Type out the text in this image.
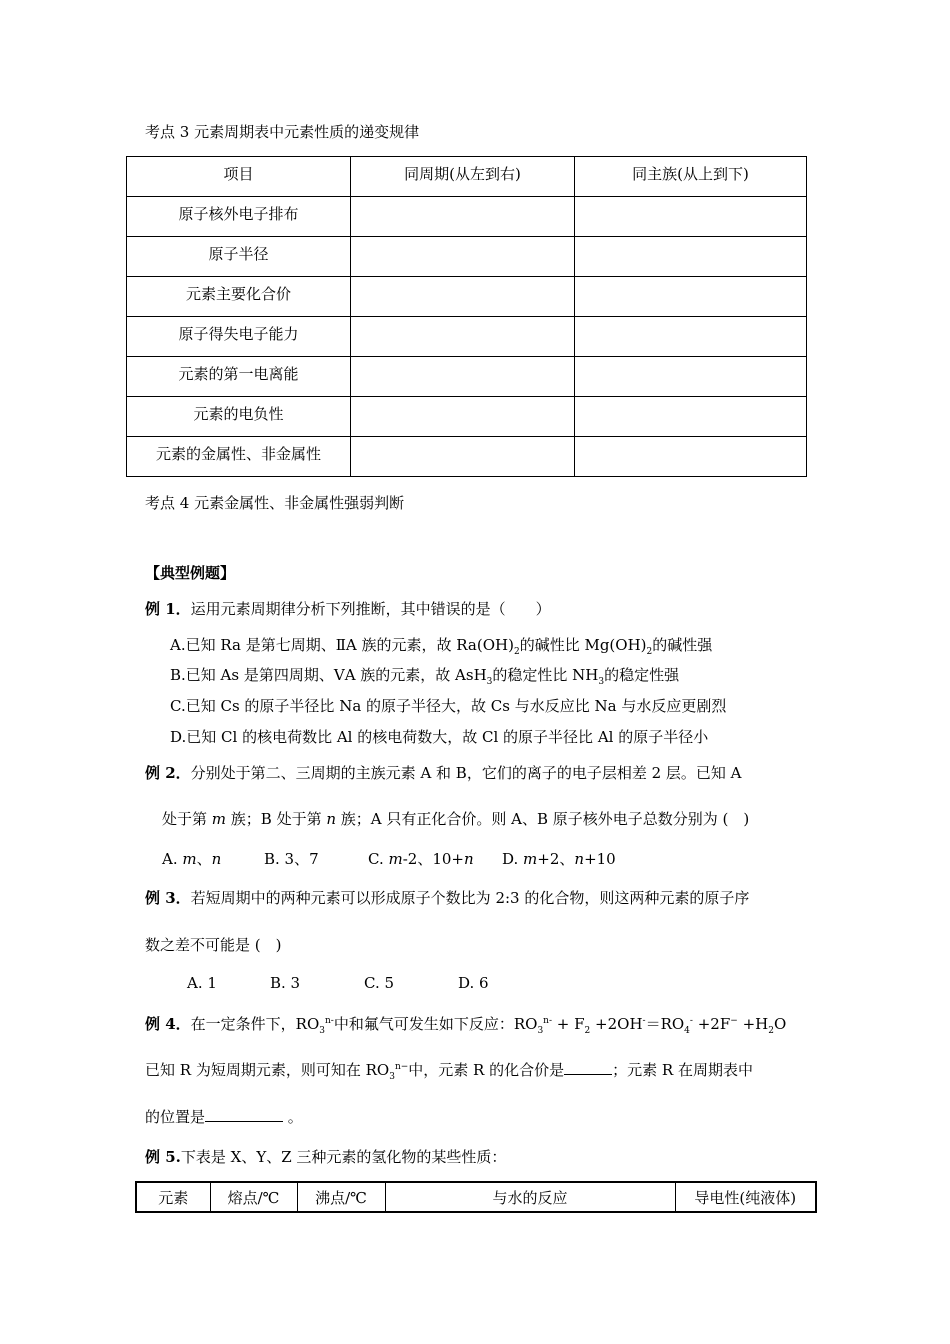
考点 3 元素周期表中元素性质的递变规律
项目	同周期(从左到右)	同主族(从上到下)
原子核外电子排布		
原子半径		
元素主要化合价		
原子得失电子能力		
元素的第一电离能		
元素的电负性		
元素的金属性、非金属性		
考点 4 元素金属性、非金属性强弱判断
【典型例题】
例 1．运用元素周期律分析下列推断，其中错误的是（　　）
A.已知 Ra 是第七周期、ⅡA 族的元素，故 $Ra(OH)_2$的碱性比 $Mg(OH)_2$的碱性强
B.已知 As 是第四周期、ⅤA 族的元素，故 AsH$_3$的稳定性比 $NH_3$的稳定性强
C.已知 Cs 的原子半径比 Na 的原子半径大，故 Cs 与水反应比 Na 与水反应更剧烈
D.已知 Cl 的核电荷数比 Al 的核电荷数大，故 Cl 的原子半径比 Al 的原子半径小
例 2．分别处于第二、三周期的主族元素 A 和 B，它们的离子的电子层相差 2 层。已知 A
处于第 m 族；B 处于第 n 族；A 只有正化合价。则 A、B 原子核外电子总数分别为 (　)
A. m、n	B. 3、7	C. m-2、10+n D. m+2、n+10
例 3．若短周期中的两种元素可以形成原子个数比为 2:3 的化合物，则这两种元素的原子序
数之差不可能是 (　)
A. 1	B. 3	C. 5	D. 6
例 4．在一定条件下，$RO_3^{n-}$中和氟气可发生如下反应：$RO_3^{n-} + F_2 +2OH^-=RO_4^- +2F^- +H_2O$
已知 R 为短周期元素，则可知在 $RO_3^{n-}$中，元素 R 的化合价是	；元素 R 在周期表中
的位置是	。
例 5.下表是 X、Y、Z 三种元素的氢化物的某些性质：
元素	熔点/℃	沸点/℃	与水的反应	导电性(纯液体)
